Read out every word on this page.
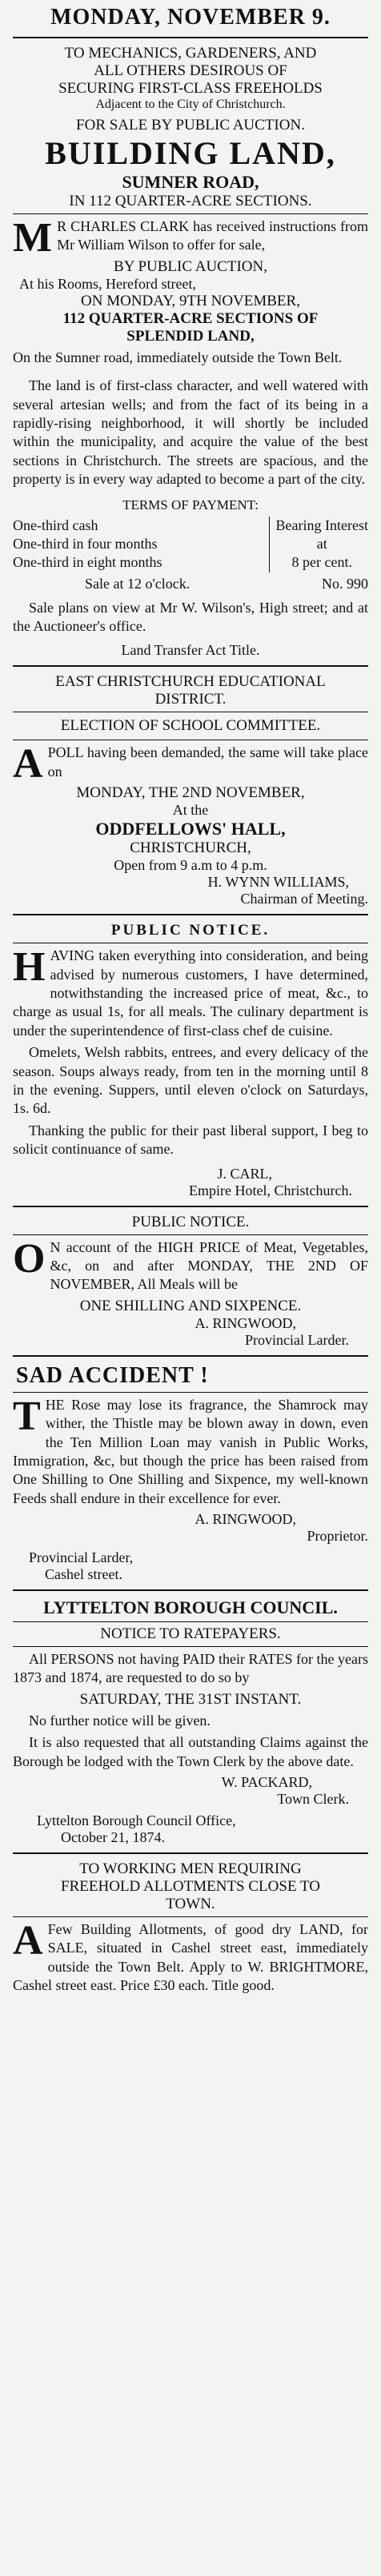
MONDAY, NOVEMBER 9.
TO MECHANICS, GARDENERS, AND
ALL OTHERS DESIROUS OF
SECURING FIRST-CLASS FREEHOLDS
Adjacent to the City of Christchurch.
FOR SALE BY PUBLIC AUCTION.
BUILDING LAND,
SUMNER ROAD,
IN 112 QUARTER-ACRE SECTIONS.

MR CHARLES CLARK has received instructions from Mr William Wilson to offer for sale,

BY PUBLIC AUCTION,
At his Rooms, Hereford street,
ON MONDAY, 9TH NOVEMBER,
112 QUARTER-ACRE SECTIONS OF
SPLENDID LAND,

On the Sumner road, immediately outside the Town Belt.

The land is of first-class character, and well watered with several artesian wells; and from the fact of its being in a rapidly-rising neighborhood, it will shortly be included within the municipality, and acquire the value of the best sections in Christchurch. The streets are spacious, and the property is in every way adapted to become a part of the city.

TERMS OF PAYMENT:
One-third cash
One-third in four months
One-third in eight months
Bearing Interest
at
8 per cent.
Sale at 12 o'clock.	No. 990

Sale plans on view at Mr W. Wilson's, High street; and at the Auctioneer's office.

Land Transfer Act Title.
EAST CHRISTCHURCH EDUCATIONAL
DISTRICT.
ELECTION OF SCHOOL COMMITTEE.

APOLL having been demanded, the same will take place on

MONDAY, THE 2ND NOVEMBER,
At the
ODDFELLOWS' HALL,
CHRISTCHURCH,
Open from 9 a.m to 4 p.m.
H. WYNN WILLIAMS,
Chairman of Meeting.
PUBLIC NOTICE.

HAVING taken everything into consideration, and being advised by numerous customers, I have determined, notwithstanding the increased price of meat, &c., to charge as usual 1s, for all meals. The culinary department is under the superintendence of first-class chef de cuisine.

Omelets, Welsh rabbits, entrees, and every delicacy of the season. Soups always ready, from ten in the morning until 8 in the evening. Suppers, until eleven o'clock on Saturdays, 1s. 6d.

Thanking the public for their past liberal support, I beg to solicit continuance of same.

J. CARL,
Empire Hotel, Christchurch.
PUBLIC NOTICE.

ON account of the HIGH PRICE of Meat, Vegetables, &c, on and after MONDAY, THE 2ND OF NOVEMBER, All Meals will be

ONE SHILLING AND SIXPENCE.
A. RINGWOOD,
Provincial Larder.
SAD ACCIDENT !

THE Rose may lose its fragrance, the Shamrock may wither, the Thistle may be blown away in down, even the Ten Million Loan may vanish in Public Works, Immigration, &c, but though the price has been raised from One Shilling to One Shilling and Sixpence, my well-known Feeds shall endure in their excellence for ever.

A. RINGWOOD,
Proprietor.
Provincial Larder,
Cashel street.
LYTTELTON BOROUGH COUNCIL.
NOTICE TO RATEPAYERS.

All PERSONS not having PAID their RATES for the years 1873 and 1874, are requested to do so by

SATURDAY, THE 31ST INSTANT.

No further notice will be given.

It is also requested that all outstanding Claims against the Borough be lodged with the Town Clerk by the above date.

W. PACKARD,
Town Clerk.
Lyttelton Borough Council Office,
October 21, 1874.
TO WORKING MEN REQUIRING
FREEHOLD ALLOTMENTS CLOSE TO
TOWN.

AFew Building Allotments, of good dry LAND, for SALE, situated in Cashel street east, immediately outside the Town Belt. Apply to W. BRIGHTMORE, Cashel street east. Price £30 each. Title good.
